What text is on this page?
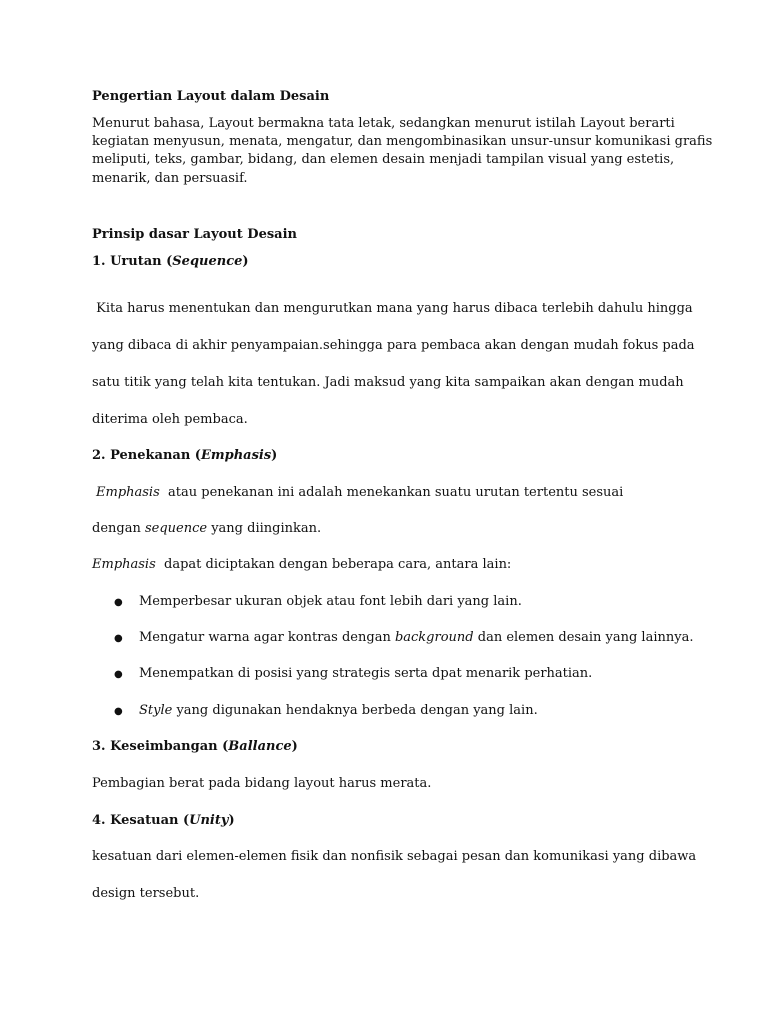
Pengertian Layout dalam Desain
Menurut bahasa, Layout bermakna tata letak, sedangkan menurut istilah Layout berarti
kegiatan menyusun, menata, mengatur, dan mengombinasikan unsur-unsur komunikasi grafis
meliputi, teks, gambar, bidang, dan elemen desain menjadi tampilan visual yang estetis,
menarik, dan persuasif.
Prinsip dasar Layout Desain
1. Urutan (Sequence)
Kita harus menentukan dan mengurutkan mana yang harus dibaca terlebih dahulu hingga
yang dibaca di akhir penyampaian.sehingga para pembaca akan dengan mudah fokus pada
satu titik yang telah kita tentukan. Jadi maksud yang kita sampaikan akan dengan mudah
diterima oleh pembaca.
2. Penekanan (Emphasis)
Emphasis  atau penekanan ini adalah menekankan suatu urutan tertentu sesuai
dengan sequence yang diinginkan.
Emphasis  dapat diciptakan dengan beberapa cara, antara lain:
● Memperbesar ukuran objek atau font lebih dari yang lain.
● Mengatur warna agar kontras dengan background dan elemen desain yang lainnya.
● Menempatkan di posisi yang strategis serta dpat menarik perhatian.
● Style yang digunakan hendaknya berbeda dengan yang lain.
3. Keseimbangan (Ballance)
Pembagian berat pada bidang layout harus merata.
4. Kesatuan (Unity)
kesatuan dari elemen-elemen fisik dan nonfisik sebagai pesan dan komunikasi yang dibawa
design tersebut.
